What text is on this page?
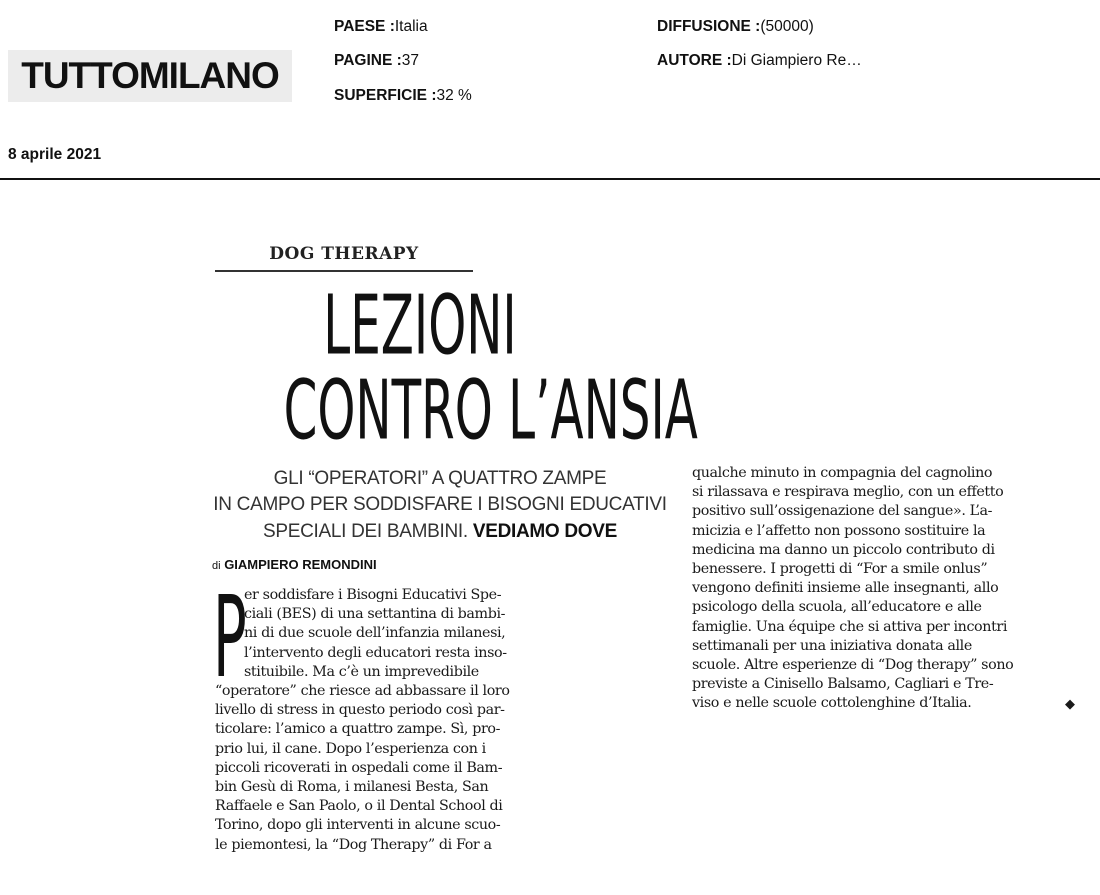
TUTTOMILANO
PAESE :Italia
PAGINE :37
SUPERFICIE :32 %
DIFFUSIONE :(50000)
AUTORE :Di Giampiero Re…
8 aprile 2021
DOG THERAPY
LEZIONI
CONTRO L’ANSIA
GLI “OPERATORI” A QUATTRO ZAMPE
IN CAMPO PER SODDISFARE I BISOGNI EDUCATIVI
SPECIALI DEI BAMBINI. VEDIAMO DOVE
di GIAMPIERO REMONDINI
P
er soddisfare i Bisogni Educativi Spe-
ciali (BES) di una settantina di bambi-
ni di due scuole dell’infanzia milanesi,
l’intervento degli educatori resta inso-
stituibile. Ma c’è un imprevedibile
“operatore” che riesce ad abbassare il loro
livello di stress in questo periodo così par-
ticolare: l’amico a quattro zampe. Sì, pro-
prio lui, il cane. Dopo l’esperienza con i
piccoli ricoverati in ospedali come il Bam-
bin Gesù di Roma, i milanesi Besta, San
Raffaele e San Paolo, o il Dental School di
Torino, dopo gli interventi in alcune scuo-
le piemontesi, la “Dog Therapy” di For a
qualche minuto in compagnia del cagnolino
si rilassava e respirava meglio, con un effetto
positivo sull’ossigenazione del sangue». L’a-
micizia e l’affetto non possono sostituire la
medicina ma danno un piccolo contributo di
benessere. I progetti di “For a smile onlus”
vengono definiti insieme alle insegnanti, allo
psicologo della scuola, all’educatore e alle
famiglie. Una équipe che si attiva per incontri
settimanali per una iniziativa donata alle
scuole. Altre esperienze di “Dog therapy” sono
previste a Cinisello Balsamo, Cagliari e Tre-
viso e nelle scuole cottolenghine d’Italia.	◆
